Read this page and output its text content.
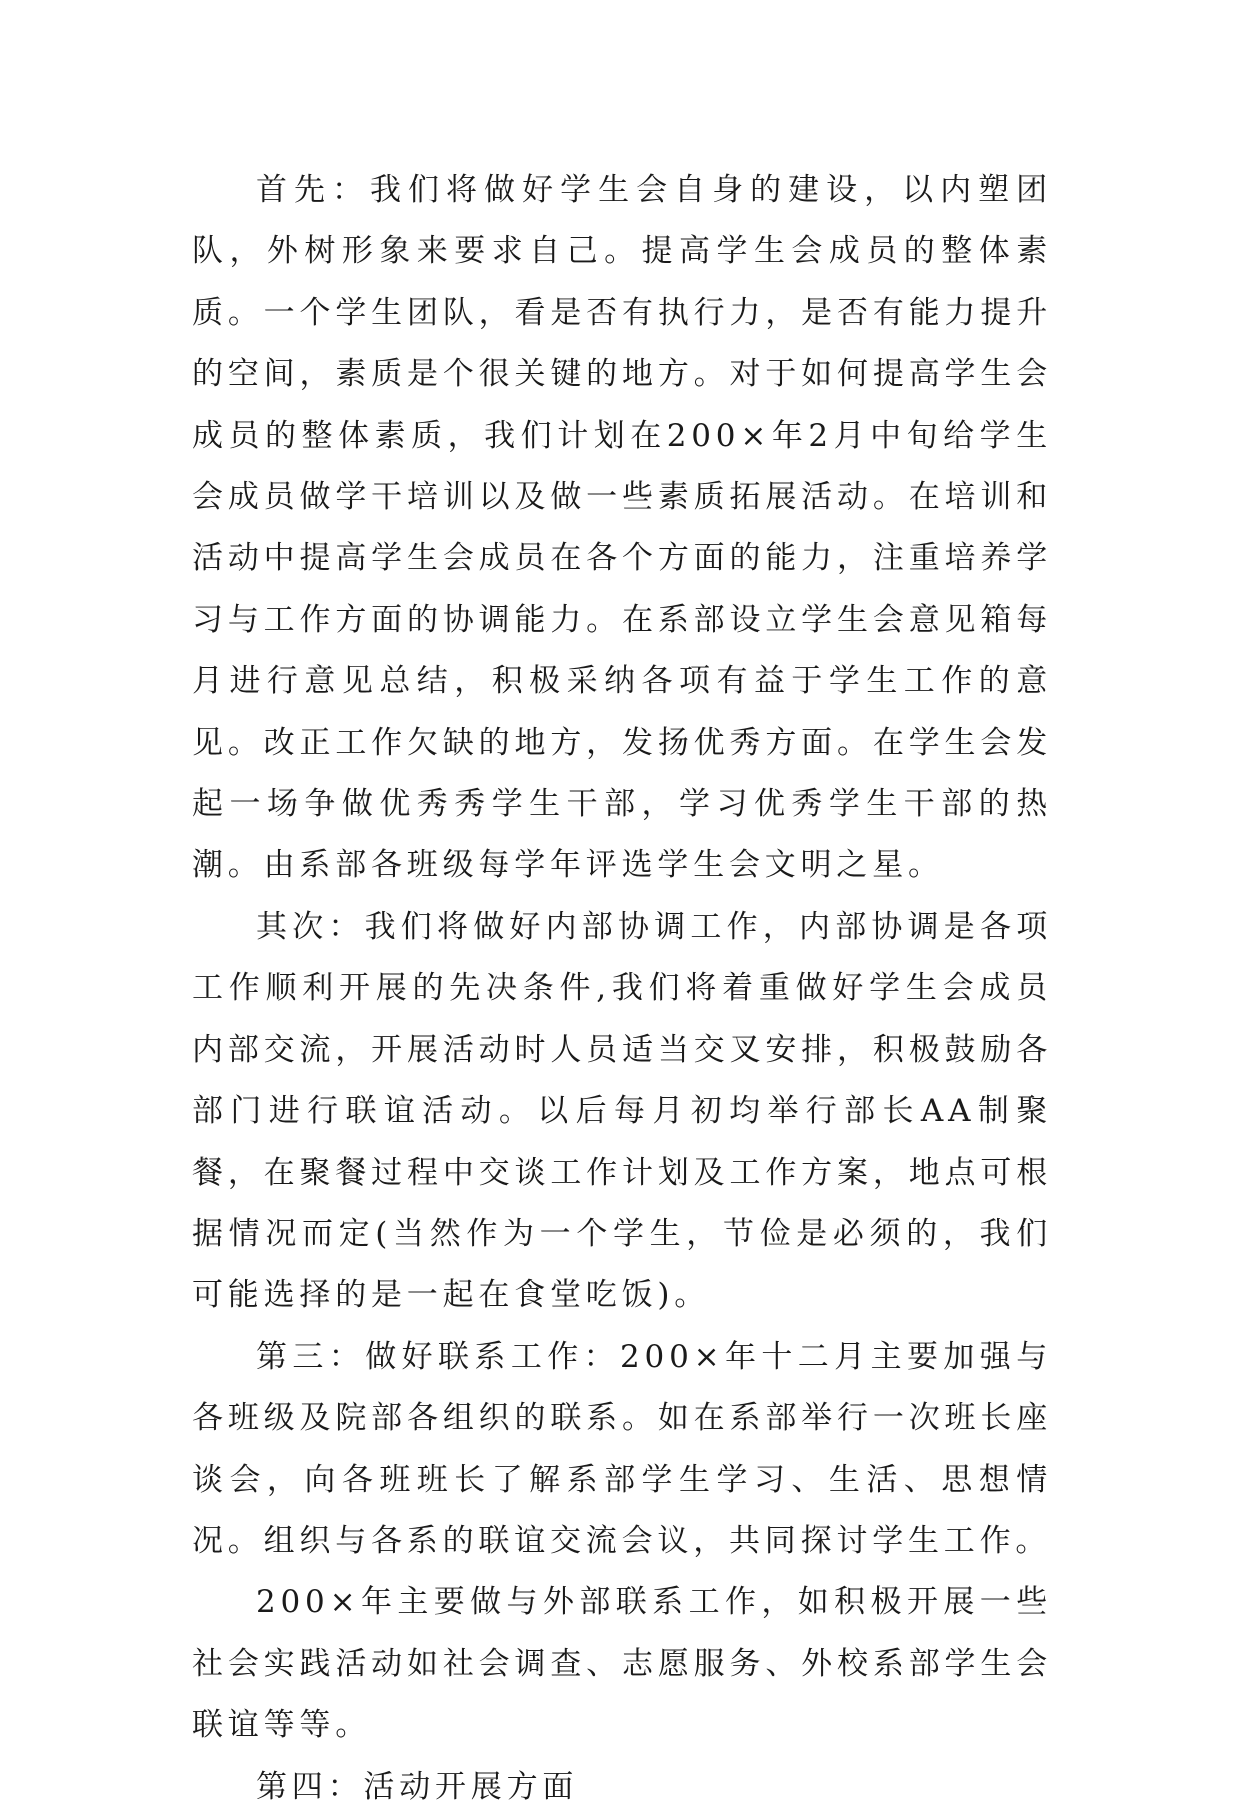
首先：我们将做好学生会自身的建设，以内塑团队，外树形象来要求自己。提高学生会成员的整体素质。一个学生团队，看是否有执行力，是否有能力提升的空间，素质是个很关键的地方。对于如何提高学生会成员的整体素质，我们计划在200×年2月中旬给学生会成员做学干培训以及做一些素质拓展活动。在培训和活动中提高学生会成员在各个方面的能力，注重培养学习与工作方面的协调能力。在系部设立学生会意见箱每月进行意见总结，积极采纳各项有益于学生工作的意见。改正工作欠缺的地方，发扬优秀方面。在学生会发起一场争做优秀秀学生干部，学习优秀学生干部的热潮。由系部各班级每学年评选学生会文明之星。

其次：我们将做好内部协调工作，内部协调是各项工作顺利开展的先决条件,我们将着重做好学生会成员内部交流，开展活动时人员适当交叉安排，积极鼓励各部门进行联谊活动。以后每月初均举行部长AA制聚餐，在聚餐过程中交谈工作计划及工作方案，地点可根据情况而定(当然作为一个学生，节俭是必须的，我们可能选择的是一起在食堂吃饭)。

第三：做好联系工作：200×年十二月主要加强与各班级及院部各组织的联系。如在系部举行一次班长座谈会，向各班班长了解系部学生学习、生活、思想情况。组织与各系的联谊交流会议，共同探讨学生工作。

200×年主要做与外部联系工作，如积极开展一些社会实践活动如社会调查、志愿服务、外校系部学生会联谊等等。

第四：活动开展方面
